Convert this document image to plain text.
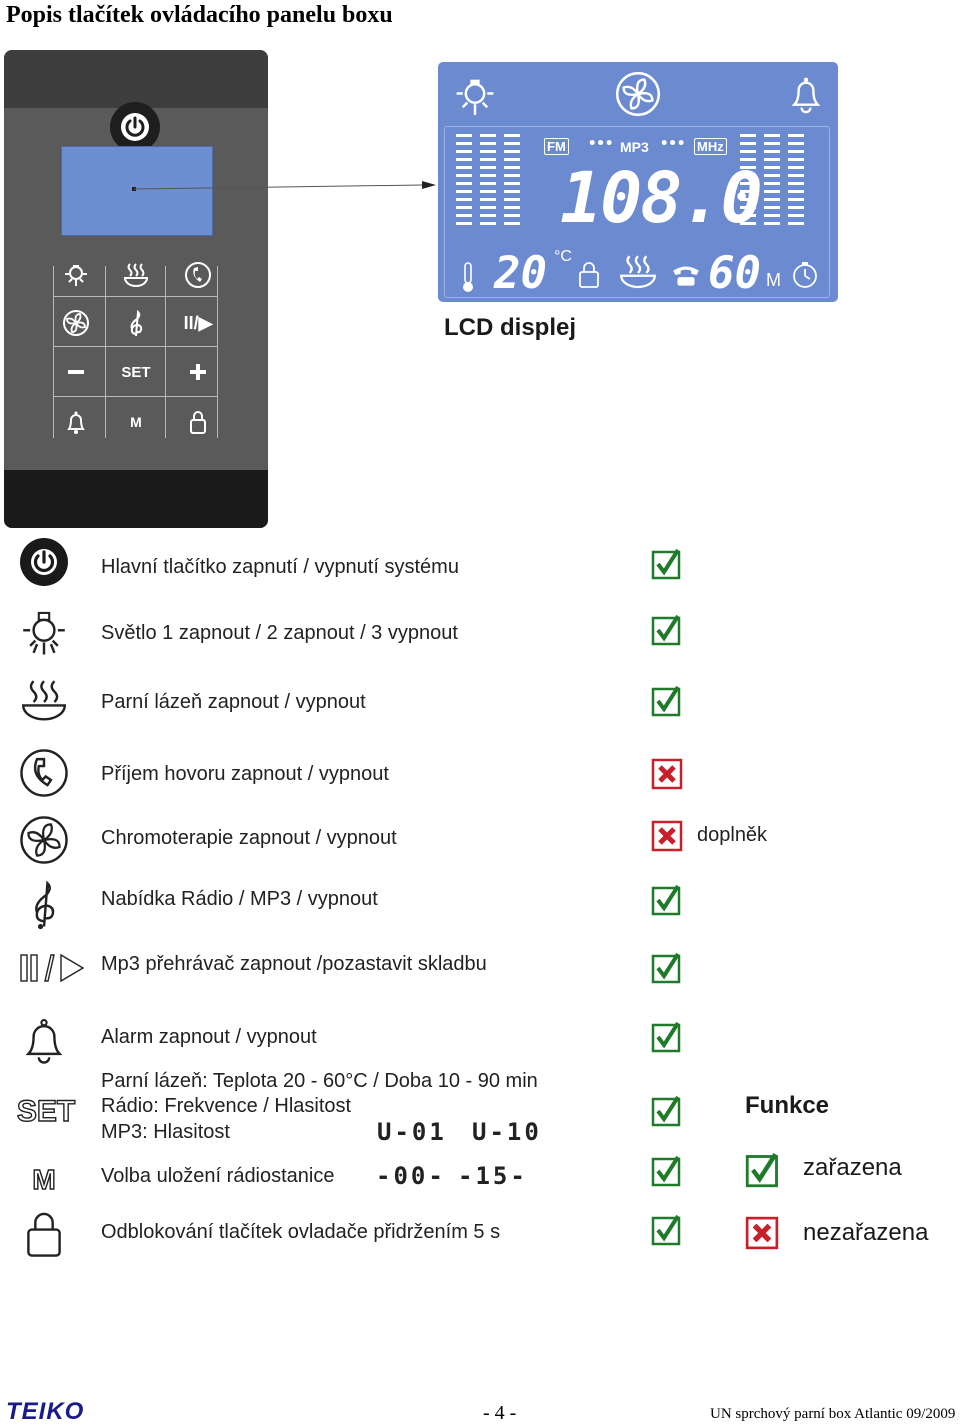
Popis tlačítek ovládacího panelu boxu
II/▶
SET
M
FM ••• MP3 ••• MHz
108.0
20 °C	60 M
LCD displej
SET
M
Hlavní tlačítko zapnutí / vypnutí systému
Světlo 1 zapnout / 2 zapnout / 3 vypnout
Parní lázeň zapnout / vypnout
Příjem hovoru zapnout / vypnout
Chromoterapie zapnout / vypnout
Nabídka Rádio / MP3 / vypnout
Mp3 přehrávač zapnout /pozastavit skladbu
Alarm zapnout / vypnout
Parní lázeň: Teplota 20 - 60°C / Doba 10 - 90 min
Rádio: Frekvence / Hlasitost
MP3: Hlasitost	U-01 U-10
Volba uložení rádiostanice -00- -15-
Odblokování tlačítek ovladače přidržením 5 s
doplněk
Funkce
zařazena
nezařazena
TEIKO	- 4 -	UN sprchový parní box Atlantic 09/2009
